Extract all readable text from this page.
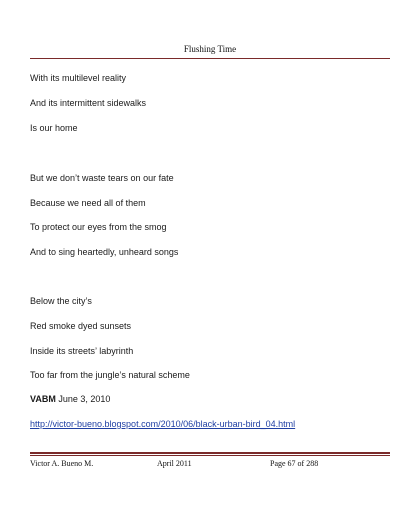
Flushing Time
With its multilevel reality
And its intermittent sidewalks
Is our home
But we don’t waste tears on our fate
Because we need all of them
To protect our eyes from the smog
And to sing heartedly, unheard songs
Below the city’s
Red smoke dyed sunsets
Inside its streets’ labyrinth
Too far from the jungle’s natural scheme
VABM June 3, 2010
http://victor-bueno.blogspot.com/2010/06/black-urban-bird_04.html
Victor A. Bueno M.	April 2011	Page 67 of 288
